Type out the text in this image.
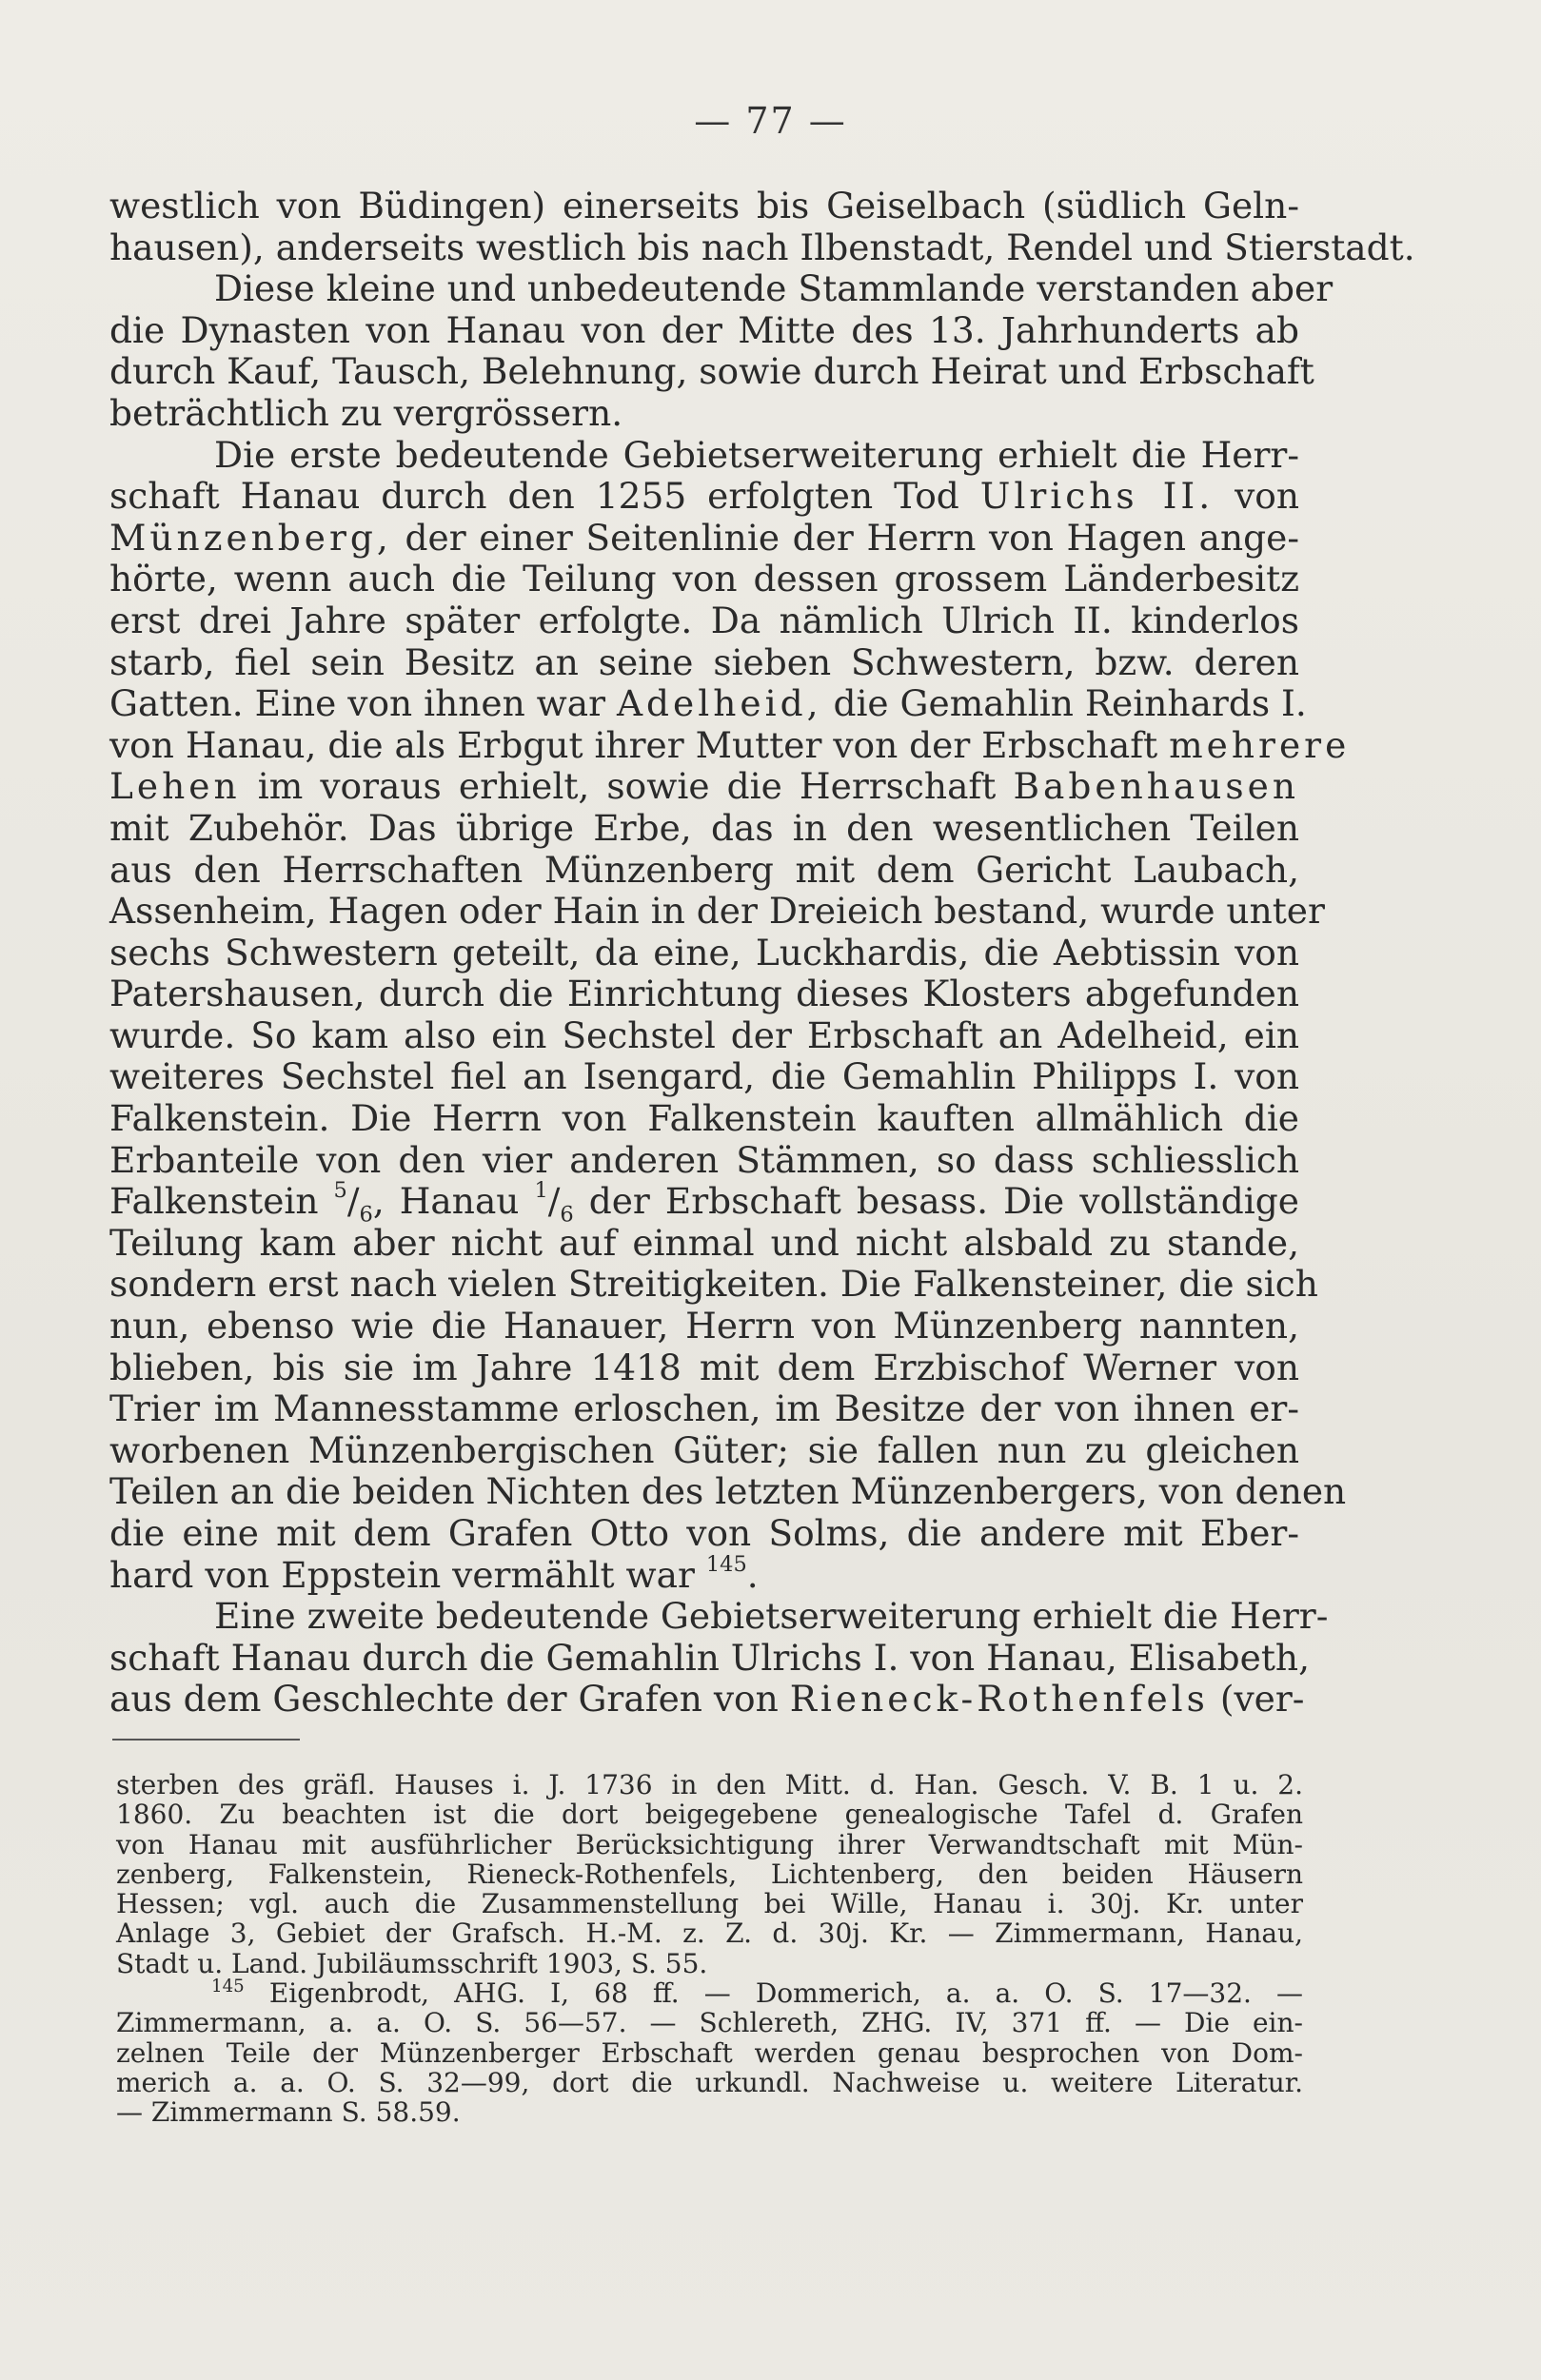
— 77 —
westlich von Büdingen) einerseits bis Geiselbach (südlich Geln-
hausen), anderseits westlich bis nach Ilbenstadt, Rendel und Stierstadt.
Diese kleine und unbedeutende Stammlande verstanden aber
die Dynasten von Hanau von der Mitte des 13. Jahrhunderts ab
durch Kauf, Tausch, Belehnung, sowie durch Heirat und Erbschaft
beträchtlich zu vergrössern.
Die erste bedeutende Gebietserweiterung erhielt die Herr-
schaft Hanau durch den 1255 erfolgten Tod Ulrichs II. von
Münzenberg, der einer Seitenlinie der Herrn von Hagen ange-
hörte, wenn auch die Teilung von dessen grossem Länderbesitz
erst drei Jahre später erfolgte. Da nämlich Ulrich II. kinderlos
starb, fiel sein Besitz an seine sieben Schwestern, bzw. deren
Gatten. Eine von ihnen war Adelheid, die Gemahlin Reinhards I.
von Hanau, die als Erbgut ihrer Mutter von der Erbschaft mehrere
Lehen im voraus erhielt, sowie die Herrschaft Babenhausen
mit Zubehör. Das übrige Erbe, das in den wesentlichen Teilen
aus den Herrschaften Münzenberg mit dem Gericht Laubach,
Assenheim, Hagen oder Hain in der Dreieich bestand, wurde unter
sechs Schwestern geteilt, da eine, Luckhardis, die Aebtissin von
Patershausen, durch die Einrichtung dieses Klosters abgefunden
wurde. So kam also ein Sechstel der Erbschaft an Adelheid, ein
weiteres Sechstel fiel an Isengard, die Gemahlin Philipps I. von
Falkenstein. Die Herrn von Falkenstein kauften allmählich die
Erbanteile von den vier anderen Stämmen, so dass schliesslich
Falkenstein $^5/_6$, Hanau $^1/_6$ der Erbschaft besass. Die vollständige
Teilung kam aber nicht auf einmal und nicht alsbald zu stande,
sondern erst nach vielen Streitigkeiten. Die Falkensteiner, die sich
nun, ebenso wie die Hanauer, Herrn von Münzenberg nannten,
blieben, bis sie im Jahre 1418 mit dem Erzbischof Werner von
Trier im Mannesstamme erloschen, im Besitze der von ihnen er-
worbenen Münzenbergischen Güter; sie fallen nun zu gleichen
Teilen an die beiden Nichten des letzten Münzenbergers, von denen
die eine mit dem Grafen Otto von Solms, die andere mit Eber-
hard von Eppstein vermählt war $^{145}$.
Eine zweite bedeutende Gebietserweiterung erhielt die Herr-
schaft Hanau durch die Gemahlin Ulrichs I. von Hanau, Elisabeth,
aus dem Geschlechte der Grafen von Rieneck-Rothenfels (ver-
sterben des gräfl. Hauses i. J. 1736 in den Mitt. d. Han. Gesch. V. B. 1 u. 2.
1860. Zu beachten ist die dort beigegebene genealogische Tafel d. Grafen
von Hanau mit ausführlicher Berücksichtigung ihrer Verwandtschaft mit Mün-
zenberg, Falkenstein, Rieneck-Rothenfels, Lichtenberg, den beiden Häusern
Hessen; vgl. auch die Zusammenstellung bei Wille, Hanau i. 30j. Kr. unter
Anlage 3, Gebiet der Grafsch. H.-M. z. Z. d. 30j. Kr. — Zimmermann, Hanau,
Stadt u. Land. Jubiläumsschrift 1903, S. 55.
$^{145}$ Eigenbrodt, AHG. I, 68 ff. — Dommerich, a. a. O. S. 17—32. —
Zimmermann, a. a. O. S. 56—57. — Schlereth, ZHG. IV, 371 ff. — Die ein-
zelnen Teile der Münzenberger Erbschaft werden genau besprochen von Dom-
merich a. a. O. S. 32—99, dort die urkundl. Nachweise u. weitere Literatur.
— Zimmermann S. 58.59.
